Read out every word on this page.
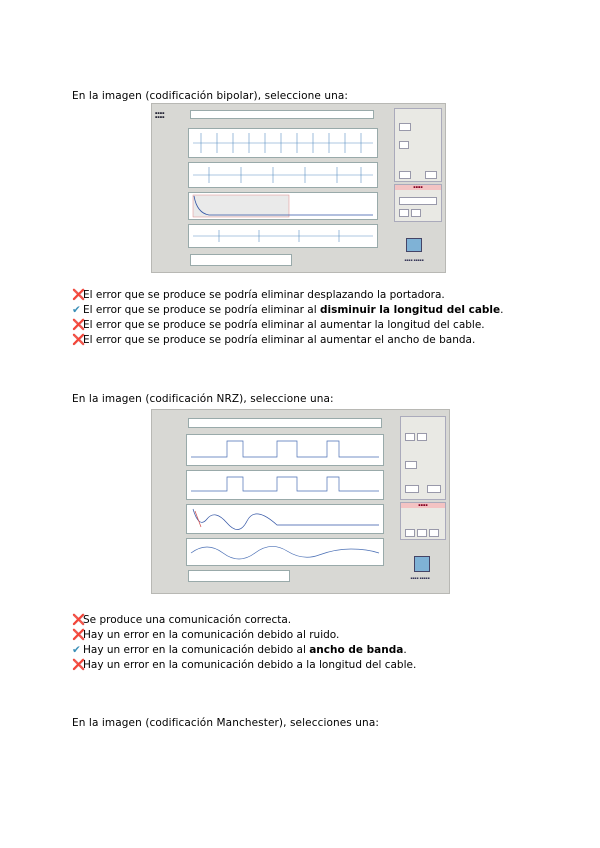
En la imagen (codificación bipolar), seleccione una:
▪▪▪▪
▪▪▪▪
▪▪▪▪
▪▪▪▪ ▪▪▪▪▪
❌El error que se produce se podría eliminar desplazando la portadora.
✔ El error que se produce se podría eliminar al disminuir la longitud del cable.
❌El error que se produce se podría eliminar al aumentar la longitud del cable.
❌El error que se produce se podría eliminar al aumentar el ancho de banda.
En la imagen (codificación NRZ), seleccione una:
▪▪▪▪
▪▪▪▪ ▪▪▪▪▪
❌Se produce una comunicación correcta.
❌Hay un error en la comunicación debido al ruido.
✔ Hay un error en la comunicación debido al ancho de banda.
❌Hay un error en la comunicación debido a la longitud del cable.
En la imagen (codificación Manchester), selecciones una:
